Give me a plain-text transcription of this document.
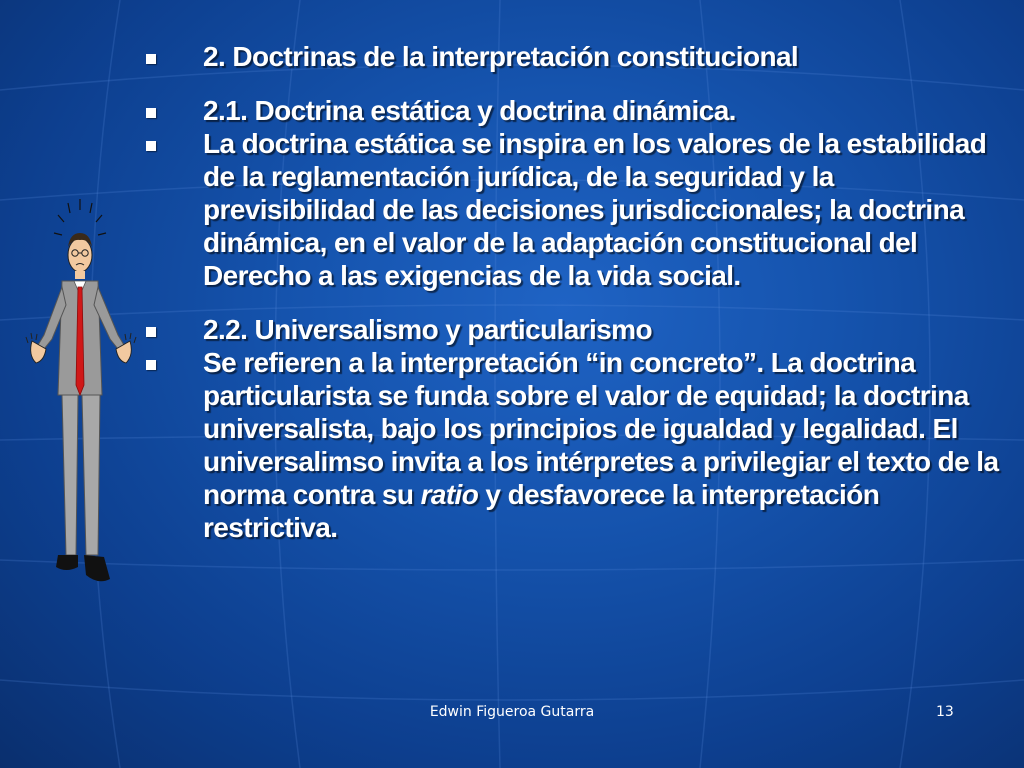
2. Doctrinas de la interpretación constitucional
2.1. Doctrina estática y doctrina dinámica.
La doctrina estática se inspira en los valores de la estabilidad de la reglamentación jurídica, de la seguridad y la previsibilidad de las decisiones jurisdiccionales; la doctrina dinámica, en el valor de la adaptación constitucional del Derecho a las exigencias de la vida social.
2.2. Universalismo y particularismo
Se refieren a la interpretación “in concreto”. La doctrina particularista se funda sobre el valor de equidad; la doctrina universalista, bajo los principios de igualdad y legalidad. El universalimso invita a los intérpretes a privilegiar el texto de la norma contra su ratio y desfavorece la interpretación restrictiva.
Edwin Figueroa Gutarra	13
